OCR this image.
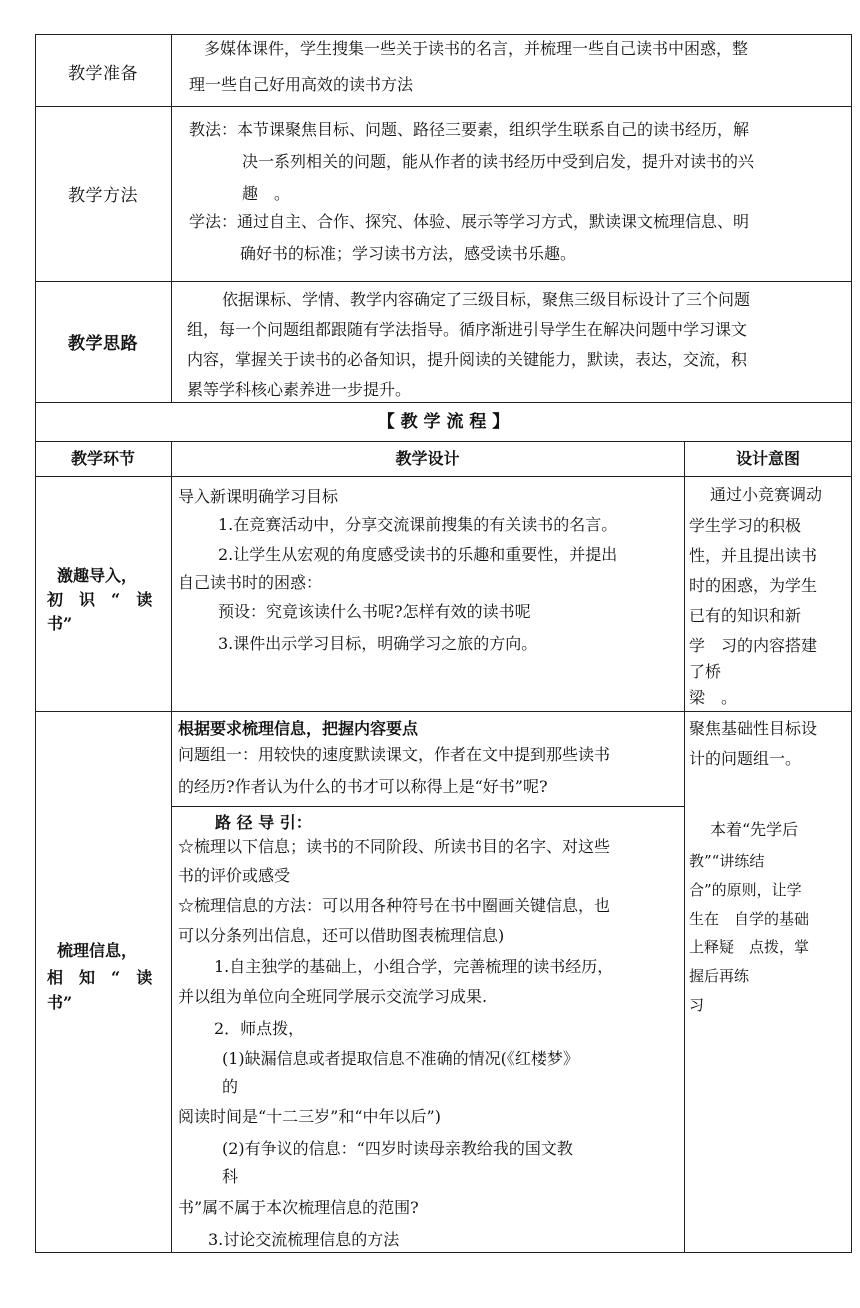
教学准备
多媒体课件，学生搜集一些关于读书的名言，并梳理一些自己读书中困惑，整
理一些自己好用高效的读书方法
教学方法
教法：本节课聚焦目标、问题、路径三要素，组织学生联系自己的读书经历，解
决一系列相关的问题，能从作者的读书经历中受到启发，提升对读书的兴
趣　。
学法：通过自主、合作、探究、体验、展示等学习方式，默读课文梳理信息、明
确好书的标准；学习读书方法，感受读书乐趣。
教学思路
依据课标、学情、教学内容确定了三级目标，聚焦三级目标设计了三个问题
组，每一个问题组都跟随有学法指导。循序渐进引导学生在解决问题中学习课文
内容，掌握关于读书的必备知识，提升阅读的关键能力，默读，表达，交流，积
累等学科核心素养进一步提升。
【 教 学 流 程 】
教学环节	教学设计	设计意图
激趣导入，
初　识　“　读
书”
导入新课明确学习目标
1.在竞赛活动中，分享交流课前搜集的有关读书的名言。
2.让学生从宏观的角度感受读书的乐趣和重要性，并提出
自己读书时的困惑：
预设：究竟该读什么书呢?怎样有效的读书呢
3.课件出示学习目标，明确学习之旅的方向。
通过小竞赛调动
学生学习的积极
性，并且提出读书
时的困惑，为学生
已有的知识和新
学　习的内容搭建
了桥
梁　。
梳理信息，
相　知　“　读
书”
根据要求梳理信息，把握内容要点
问题组一：用较快的速度默读课文，作者在文中提到那些读书
的经历?作者认为什么的书才可以称得上是“好书”呢?
路 径 导 引：
☆梳理以下信息；读书的不同阶段、所读书目的名字、对这些
书的评价或感受
☆梳理信息的方法：可以用各种符号在书中圈画关键信息，也
可以分条列出信息，还可以借助图表梳理信息)
1.自主独学的基础上，小组合学，完善梳理的读书经历，
并以组为单位向全班同学展示交流学习成果.
2．师点拨，
(1)缺漏信息或者提取信息不准确的情况(《红楼梦》
的
阅读时间是“十二三岁”和“中年以后”)
(2)有争议的信息：“四岁时读母亲教给我的国文教
科
书”属不属于本次梳理信息的范围?
3.讨论交流梳理信息的方法
聚焦基础性目标设
计的问题组一。
本着“先学后
教”“讲练结
合”的原则，让学
生在　自学的基础
上释疑　点拨，掌
握后再练
习
